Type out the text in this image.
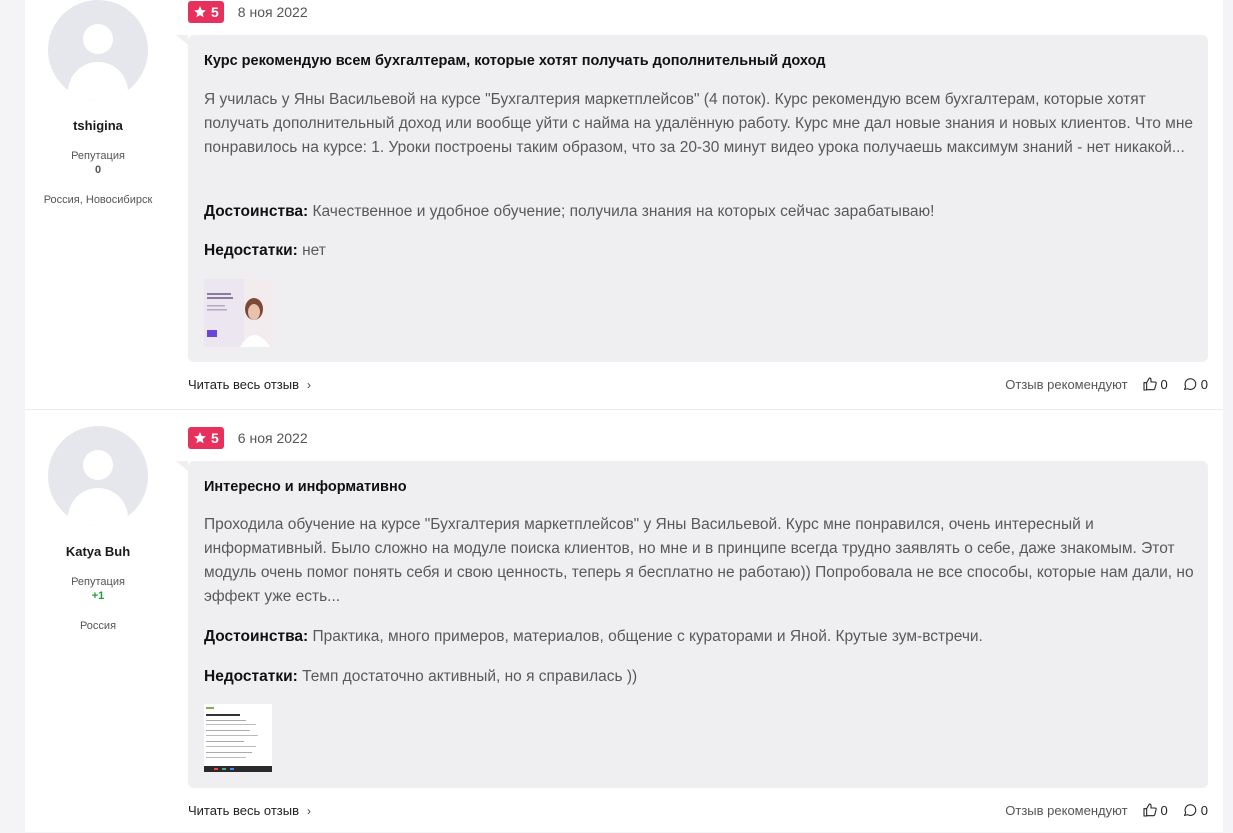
tshigina
Репутация
0
Россия, Новосибирск
5 8 ноя 2022
Курс рекомендую всем бухгалтерам, которые хотят получать дополнительный доход

Я училась у Яны Васильевой на курсе "Бухгалтерия маркетплейсов" (4 поток). Курс рекомендую всем бухгалтерам, которые хотят получать дополнительный доход или вообще уйти с найма на удалённую работу. Курс мне дал новые знания и новых клиентов. Что мне понравилось на курсе: 1. Уроки построены таким образом, что за 20-30 минут видео урока получаешь максимум знаний - нет никакой...

Достоинства: Качественное и удобное обучение; получила знания на которых сейчас зарабатываю!
Недостатки: нет
Читать весь отзыв ›	Отзыв рекомендуют	0	0
Katya Buh
Репутация
+1
Россия
5 6 ноя 2022
Интересно и информативно

Проходила обучение на курсе "Бухгалтерия маркетплейсов" у Яны Васильевой. Курс мне понравился, очень интересный и информативный. Было сложно на модуле поиска клиентов, но мне и в принципе всегда трудно заявлять о себе, даже знакомым. Этот модуль очень помог понять себя и свою ценность, теперь я бесплатно не работаю)) Попробовала не все способы, которые нам дали, но эффект уже есть...

Достоинства: Практика, много примеров, материалов, общение с кураторами и Яной. Крутые зум-встречи.
Недостатки: Темп достаточно активный, но я справилась ))
Читать весь отзыв ›	Отзыв рекомендуют	0	0
